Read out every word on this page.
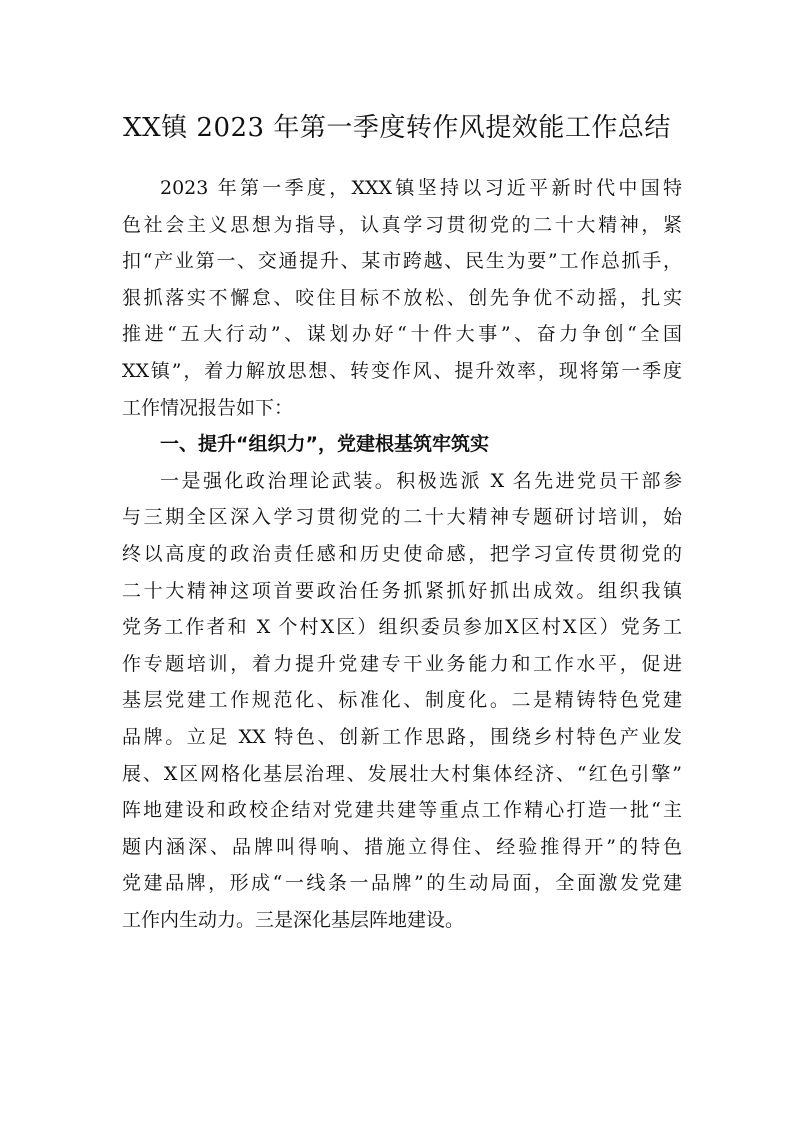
XX镇 2023 年第一季度转作风提效能工作总结
2023 年第一季度，XXX镇坚持以习近平新时代中国特
色社会主义思想为指导，认真学习贯彻党的二十大精神，紧
扣“产业第一、交通提升、某市跨越、民生为要”工作总抓手，
狠抓落实不懈怠、咬住目标不放松、创先争优不动摇，扎实
推进“五大行动”、谋划办好“十件大事”、奋力争创“全国
XX镇”，着力解放思想、转变作风、提升效率，现将第一季度
工作情况报告如下：
一、提升“组织力”，党建根基筑牢筑实
一是强化政治理论武装。积极选派 X 名先进党员干部参
与三期全区深入学习贯彻党的二十大精神专题研讨培训，始
终以高度的政治责任感和历史使命感，把学习宣传贯彻党的
二十大精神这项首要政治任务抓紧抓好抓出成效。组织我镇
党务工作者和 X 个村X区）组织委员参加X区村X区）党务工
作专题培训，着力提升党建专干业务能力和工作水平，促进
基层党建工作规范化、标准化、制度化。二是精铸特色党建
品牌。立足 XX 特色、创新工作思路，围绕乡村特色产业发
展、X区网格化基层治理、发展壮大村集体经济、“红色引擎”
阵地建设和政校企结对党建共建等重点工作精心打造一批“主
题内涵深、品牌叫得响、措施立得住、经验推得开”的特色
党建品牌，形成“一线条一品牌”的生动局面，全面激发党建
工作内生动力。三是深化基层阵地建设。
